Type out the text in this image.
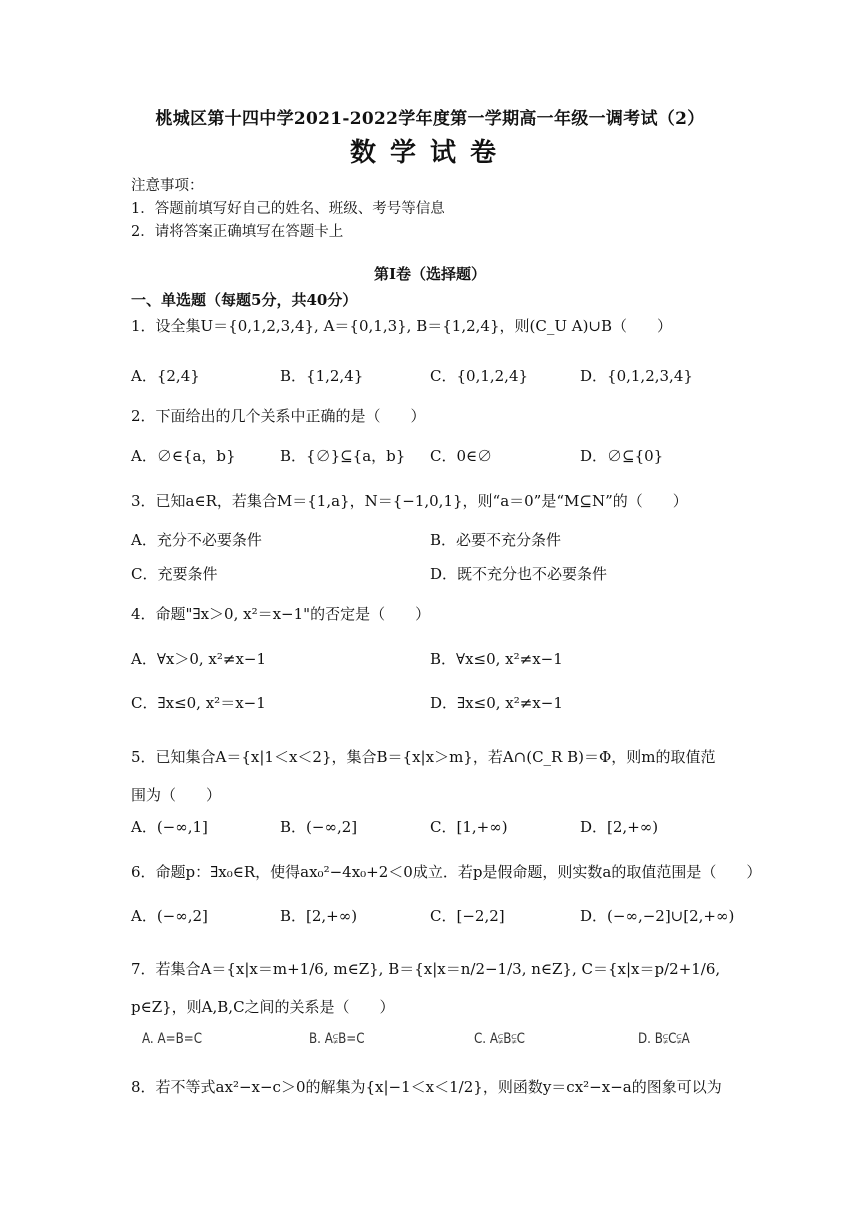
桃城区第十四中学2021-2022学年度第一学期高一年级一调考试（2）
数学试卷
注意事项：
1．答题前填写好自己的姓名、班级、考号等信息
2．请将答案正确填写在答题卡上
第Ⅰ卷（选择题）
一、单选题（每题5分，共40分）
1．设全集U＝{0,1,2,3,4}, A＝{0,1,3}, B＝{1,2,4}，则(C_U A)∪B（　　）
A．{2,4}	B．{1,2,4}	C．{0,1,2,4}	D．{0,1,2,3,4}
2．下面给出的几个关系中正确的是（　　）
A．∅∈{a，b}	B．{∅}⊆{a，b} C．0∈∅	D．∅⊆{0}
3．已知a∈R，若集合M＝{1,a}，N＝{−1,0,1}，则“a＝0”是“M⊆N”的（　　）
A．充分不必要条件	B．必要不充分条件
C．充要条件	D．既不充分也不必要条件
4．命题"∃x＞0, x²＝x−1"的否定是（　　）
A．∀x＞0, x²≠x−1	B．∀x≤0, x²≠x−1
C．∃x≤0, x²＝x−1	D．∃x≤0, x²≠x−1
5．已知集合A＝{x|1＜x＜2}，集合B＝{x|x＞m}，若A∩(C_R B)＝Φ，则m的取值范围为（　　）
A．(−∞,1]	B．(−∞,2]	C．[1,+∞)	D．[2,+∞)
6．命题p：∃x₀∈R，使得ax₀²−4x₀+2＜0成立．若p是假命题，则实数a的取值范围是（　　）
A．(−∞,2]	B．[2,+∞)	C．[−2,2]	D．(−∞,−2]∪[2,+∞)
7．若集合A＝{x|x＝m+1/6, m∈Z}, B＝{x|x＝n/2−1/3, n∈Z}, C＝{x|x＝p/2+1/6, p∈Z}，则A,B,C之间的关系是（　　）
A. A=B=C	B. A⫋B=C	C. A⫋B⫋C	D. B⫋C⫋A
8．若不等式ax²−x−c＞0的解集为{x|−1＜x＜1/2}，则函数y＝cx²−x−a的图象可以为
